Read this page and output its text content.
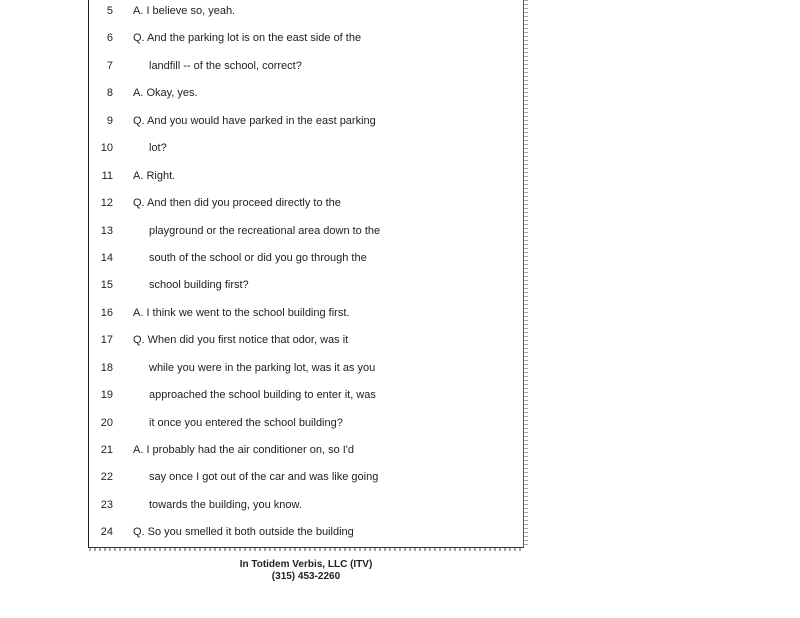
5 A. I believe so, yeah.
6 Q. And the parking lot is on the east side of the
7	landfill -- of the school, correct?
8 A. Okay, yes.
9 Q. And you would have parked in the east parking
10	lot?
11 A. Right.
12 Q. And then did you proceed directly to the
13	playground or the recreational area down to the
14	south of the school or did you go through the
15	school building first?
16 A. I think we went to the school building first.
17 Q. When did you first notice that odor, was it
18	while you were in the parking lot, was it as you
19	approached the school building to enter it, was
20	it once you entered the school building?
21 A. I probably had the air conditioner on, so I'd
22	say once I got out of the car and was like going
23	towards the building, you know.
24 Q. So you smelled it both outside the building
In Totidem Verbis, LLC (ITV)
(315) 453-2260
